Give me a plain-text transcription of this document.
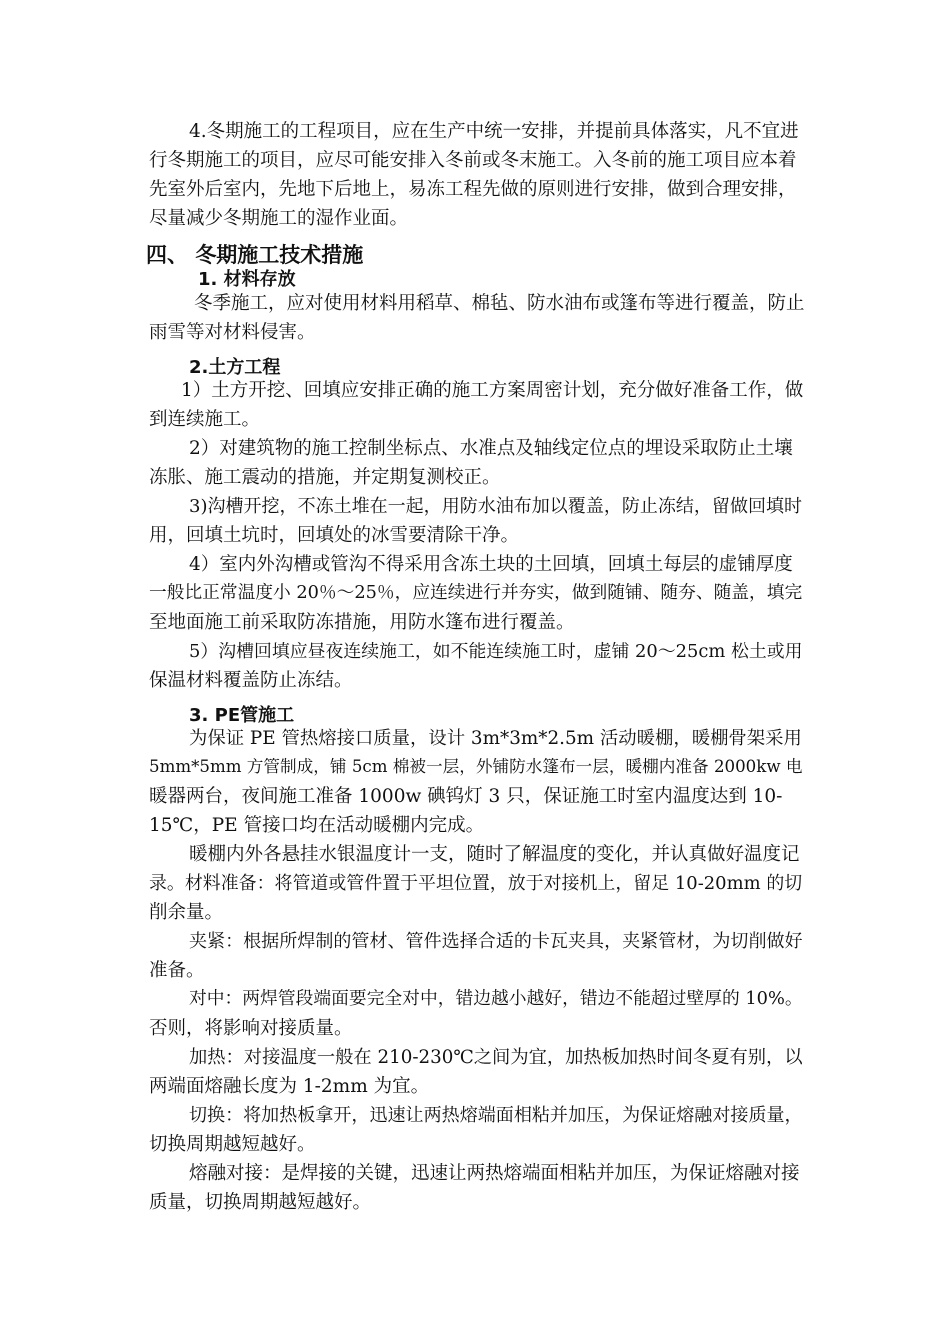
4.冬期施工的工程项目，应在生产中统一安排，并提前具体落实，凡不宜进
行冬期施工的项目，应尽可能安排入冬前或冬末施工。入冬前的施工项目应本着
先室外后室内，先地下后地上，易冻工程先做的原则进行安排，做到合理安排，
尽量减少冬期施工的湿作业面。
四、 冬期施工技术措施
1. 材料存放
冬季施工，应对使用材料用稻草、棉毡、防水油布或篷布等进行覆盖，防止
雨雪等对材料侵害。
2.土方工程
1）土方开挖、回填应安排正确的施工方案周密计划，充分做好准备工作，做
到连续施工。
2）对建筑物的施工控制坐标点、水准点及轴线定位点的埋设采取防止土壤
冻胀、施工震动的措施，并定期复测校正。
3)沟槽开挖，不冻土堆在一起，用防水油布加以覆盖，防止冻结，留做回填时
用，回填土坑时，回填处的冰雪要清除干净。
4）室内外沟槽或管沟不得采用含冻土块的土回填，回填土每层的虚铺厚度
一般比正常温度小 20％～25％，应连续进行并夯实，做到随铺、随夯、随盖，填完
至地面施工前采取防冻措施，用防水篷布进行覆盖。
5）沟槽回填应昼夜连续施工，如不能连续施工时，虚铺 20～25cm 松土或用
保温材料覆盖防止冻结。
3. PE管施工
为保证 PE 管热熔接口质量，设计 3m*3m*2.5m 活动暖棚，暖棚骨架采用
5mm*5mm 方管制成，铺 5cm 棉被一层，外铺防水篷布一层，暖棚内准备 2000kw 电
暖器两台，夜间施工准备 1000w 碘钨灯 3 只，保证施工时室内温度达到 10-
15℃，PE 管接口均在活动暖棚内完成。
暖棚内外各悬挂水银温度计一支，随时了解温度的变化，并认真做好温度记
录。材料准备：将管道或管件置于平坦位置，放于对接机上，留足 10-20mm 的切
削余量。
夹紧：根据所焊制的管材、管件选择合适的卡瓦夹具，夹紧管材，为切削做好
准备。
对中：两焊管段端面要完全对中，错边越小越好，错边不能超过壁厚的 10%。
否则，将影响对接质量。
加热：对接温度一般在 210-230℃之间为宜，加热板加热时间冬夏有别，以
两端面熔融长度为 1-2mm 为宜。
切换：将加热板拿开，迅速让两热熔端面相粘并加压，为保证熔融对接质量，
切换周期越短越好。
熔融对接：是焊接的关键，迅速让两热熔端面相粘并加压，为保证熔融对接
质量，切换周期越短越好。
